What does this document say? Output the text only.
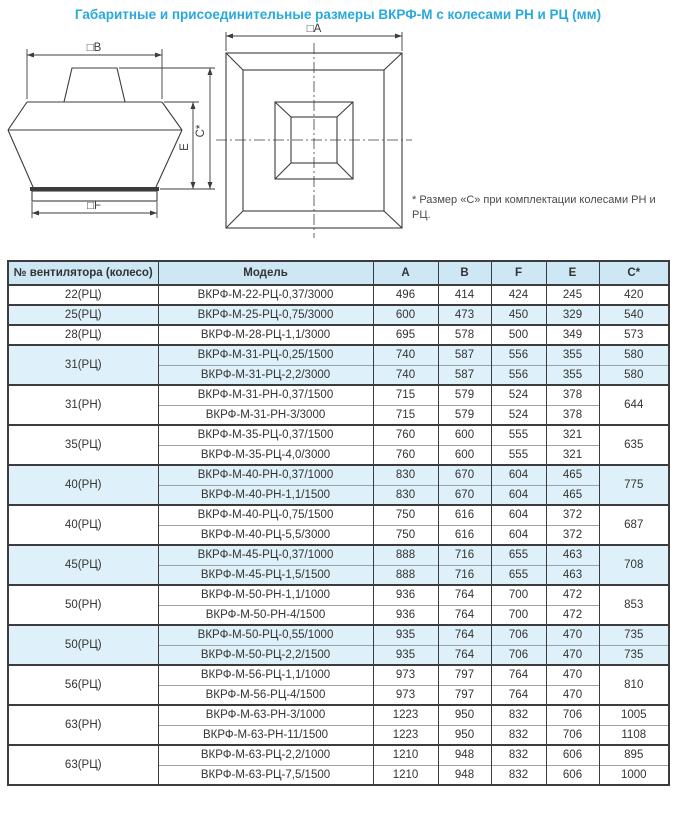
Габаритные и присоединительные размеры ВКРФ-М с колесами РН и РЦ (мм)
□B
□F
E
C*
□A
* Размер «С» при комплектации колесами РН и РЦ.
№ вентилятора (колесо)	Модель	A	B	F	E	C*
22(РЦ)	ВКРФ-М-22-РЦ-0,37/3000	496	414	424	245	420
25(РЦ)	ВКРФ-М-25-РЦ-0,75/3000	600	473	450	329	540
28(РЦ)	ВКРФ-М-28-РЦ-1,1/3000	695	578	500	349	573
31(РЦ)	ВКРФ-М-31-РЦ-0,25/1500	740	587	556	355	580
	ВКРФ-М-31-РЦ-2,2/3000	740	587	556	355	580
31(РН)	ВКРФ-М-31-РН-0,37/1500	715	579	524	378	644
	ВКРФ-М-31-РН-3/3000	715	579	524	378	
35(РЦ)	ВКРФ-М-35-РЦ-0,37/1500	760	600	555	321	635
	ВКРФ-М-35-РЦ-4,0/3000	760	600	555	321	
40(РН)	ВКРФ-М-40-РН-0,37/1000	830	670	604	465	775
	ВКРФ-М-40-РН-1,1/1500	830	670	604	465	
40(РЦ)	ВКРФ-М-40-РЦ-0,75/1500	750	616	604	372	687
	ВКРФ-М-40-РЦ-5,5/3000	750	616	604	372	
45(РЦ)	ВКРФ-М-45-РЦ-0,37/1000	888	716	655	463	708
	ВКРФ-М-45-РЦ-1,5/1500	888	716	655	463	
50(РН)	ВКРФ-М-50-РН-1,1/1000	936	764	700	472	853
	ВКРФ-М-50-РН-4/1500	936	764	700	472	
50(РЦ)	ВКРФ-М-50-РЦ-0,55/1000	935	764	706	470	735
	ВКРФ-М-50-РЦ-2,2/1500	935	764	706	470	735
56(РЦ)	ВКРФ-М-56-РЦ-1,1/1000	973	797	764	470	810
	ВКРФ-М-56-РЦ-4/1500	973	797	764	470	
63(РН)	ВКРФ-М-63-РН-3/1000	1223	950	832	706	1005
	ВКРФ-М-63-РН-11/1500	1223	950	832	706	1108
63(РЦ)	ВКРФ-М-63-РЦ-2,2/1000	1210	948	832	606	895
	ВКРФ-М-63-РЦ-7,5/1500	1210	948	832	606	1000
